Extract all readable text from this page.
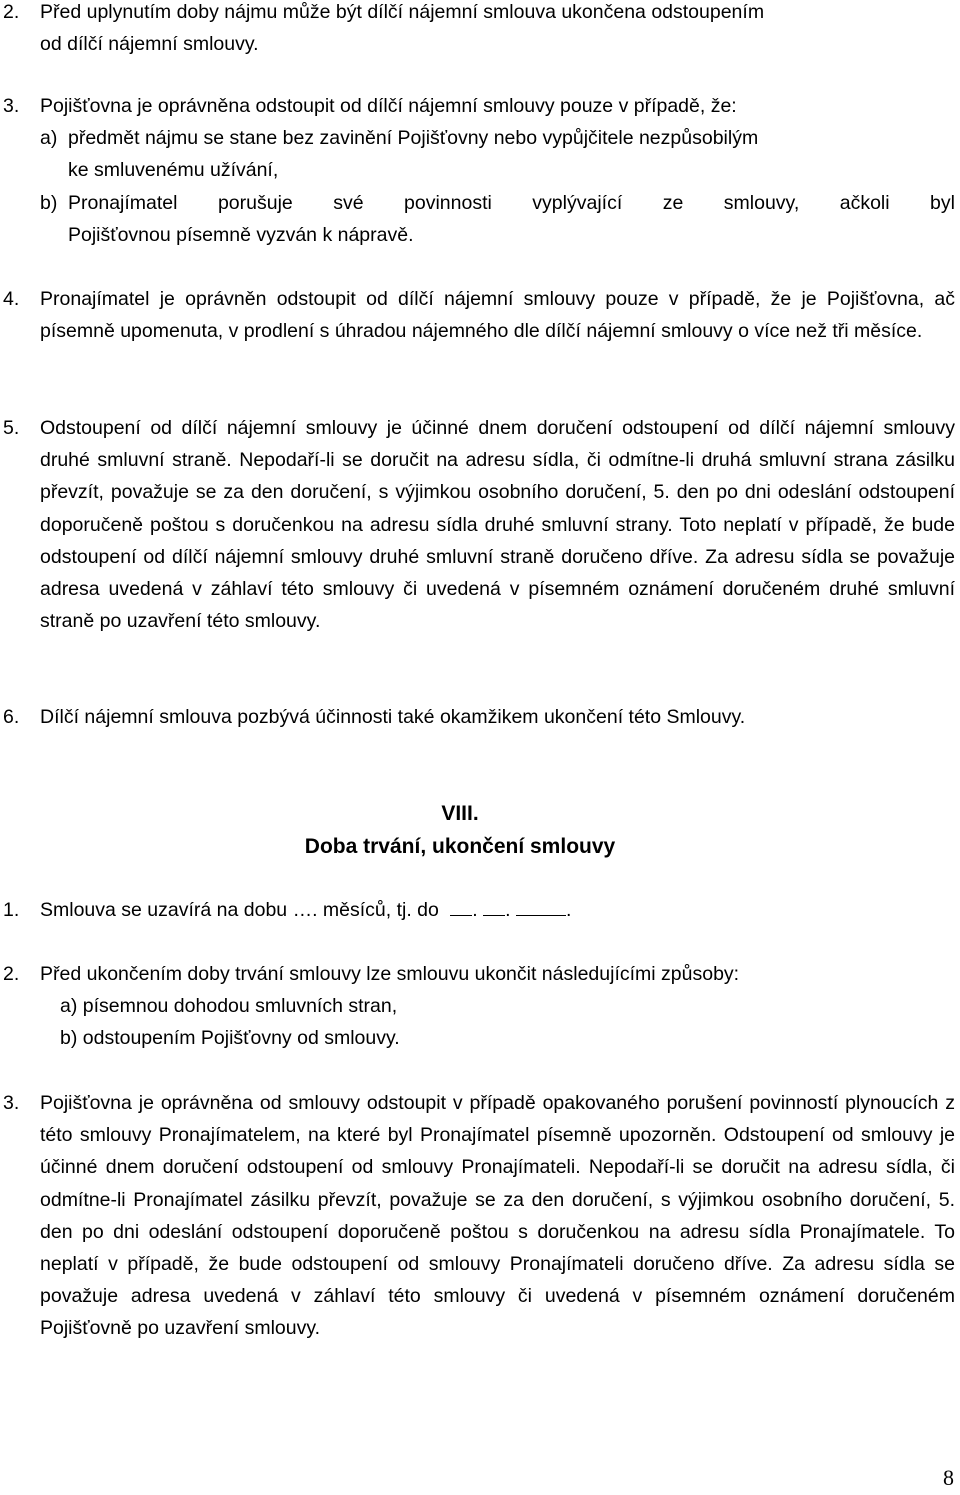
2.	Před uplynutím doby nájmu může být dílčí nájemní smlouva ukončena odstoupením
od dílčí nájemní smlouvy.
3.	Pojišťovna je oprávněna odstoupit od dílčí nájemní smlouvy pouze v případě, že:
a) předmět nájmu se stane bez zavinění Pojišťovny nebo vypůjčitele nezpůsobilým
ke smluvenému užívání,
b) Pronajímatel porušuje své povinnosti vyplývající ze smlouvy, ačkoli byl
Pojišťovnou písemně vyzván k nápravě.
4.	Pronajímatel je oprávněn odstoupit od dílčí nájemní smlouvy pouze v případě, že je Pojišťovna, ač písemně upomenuta, v prodlení s úhradou nájemného dle dílčí nájemní smlouvy o více než tři měsíce.
5.	Odstoupení od dílčí nájemní smlouvy je účinné dnem doručení odstoupení od dílčí nájemní smlouvy druhé smluvní straně. Nepodaří-li se doručit na adresu sídla, či odmítne-li druhá smluvní strana zásilku převzít, považuje se za den doručení, s výjimkou osobního doručení, 5. den po dni odeslání odstoupení doporučeně poštou s doručenkou na adresu sídla druhé smluvní strany. Toto neplatí v případě, že bude odstoupení od dílčí nájemní smlouvy druhé smluvní straně doručeno dříve. Za adresu sídla se považuje adresa uvedená v záhlaví této smlouvy či uvedená v písemném oznámení doručeném druhé smluvní straně po uzavření této smlouvy.
6.	Dílčí nájemní smlouva pozbývá účinnosti také okamžikem ukončení této Smlouvy.
VIII.
Doba trvání, ukončení smlouvy
1.	Smlouva se uzavírá na dobu …. měsíců, tj. do . .	.
2.	Před ukončením doby trvání smlouvy lze smlouvu ukončit následujícími způsoby:
a) písemnou dohodou smluvních stran,
b) odstoupením Pojišťovny od smlouvy.
3.	Pojišťovna je oprávněna od smlouvy odstoupit v případě opakovaného porušení povinností plynoucích z této smlouvy Pronajímatelem, na které byl Pronajímatel písemně upozorněn. Odstoupení od smlouvy je účinné dnem doručení odstoupení od smlouvy Pronajímateli. Nepodaří-li se doručit na adresu sídla, či odmítne-li Pronajímatel zásilku převzít, považuje se za den doručení, s výjimkou osobního doručení, 5. den po dni odeslání odstoupení doporučeně poštou s doručenkou na adresu sídla Pronajímatele. To neplatí v případě, že bude odstoupení od smlouvy Pronajímateli doručeno dříve. Za adresu sídla se považuje adresa uvedená v záhlaví této smlouvy či uvedená v písemném oznámení doručeném Pojišťovně po uzavření smlouvy.
8
